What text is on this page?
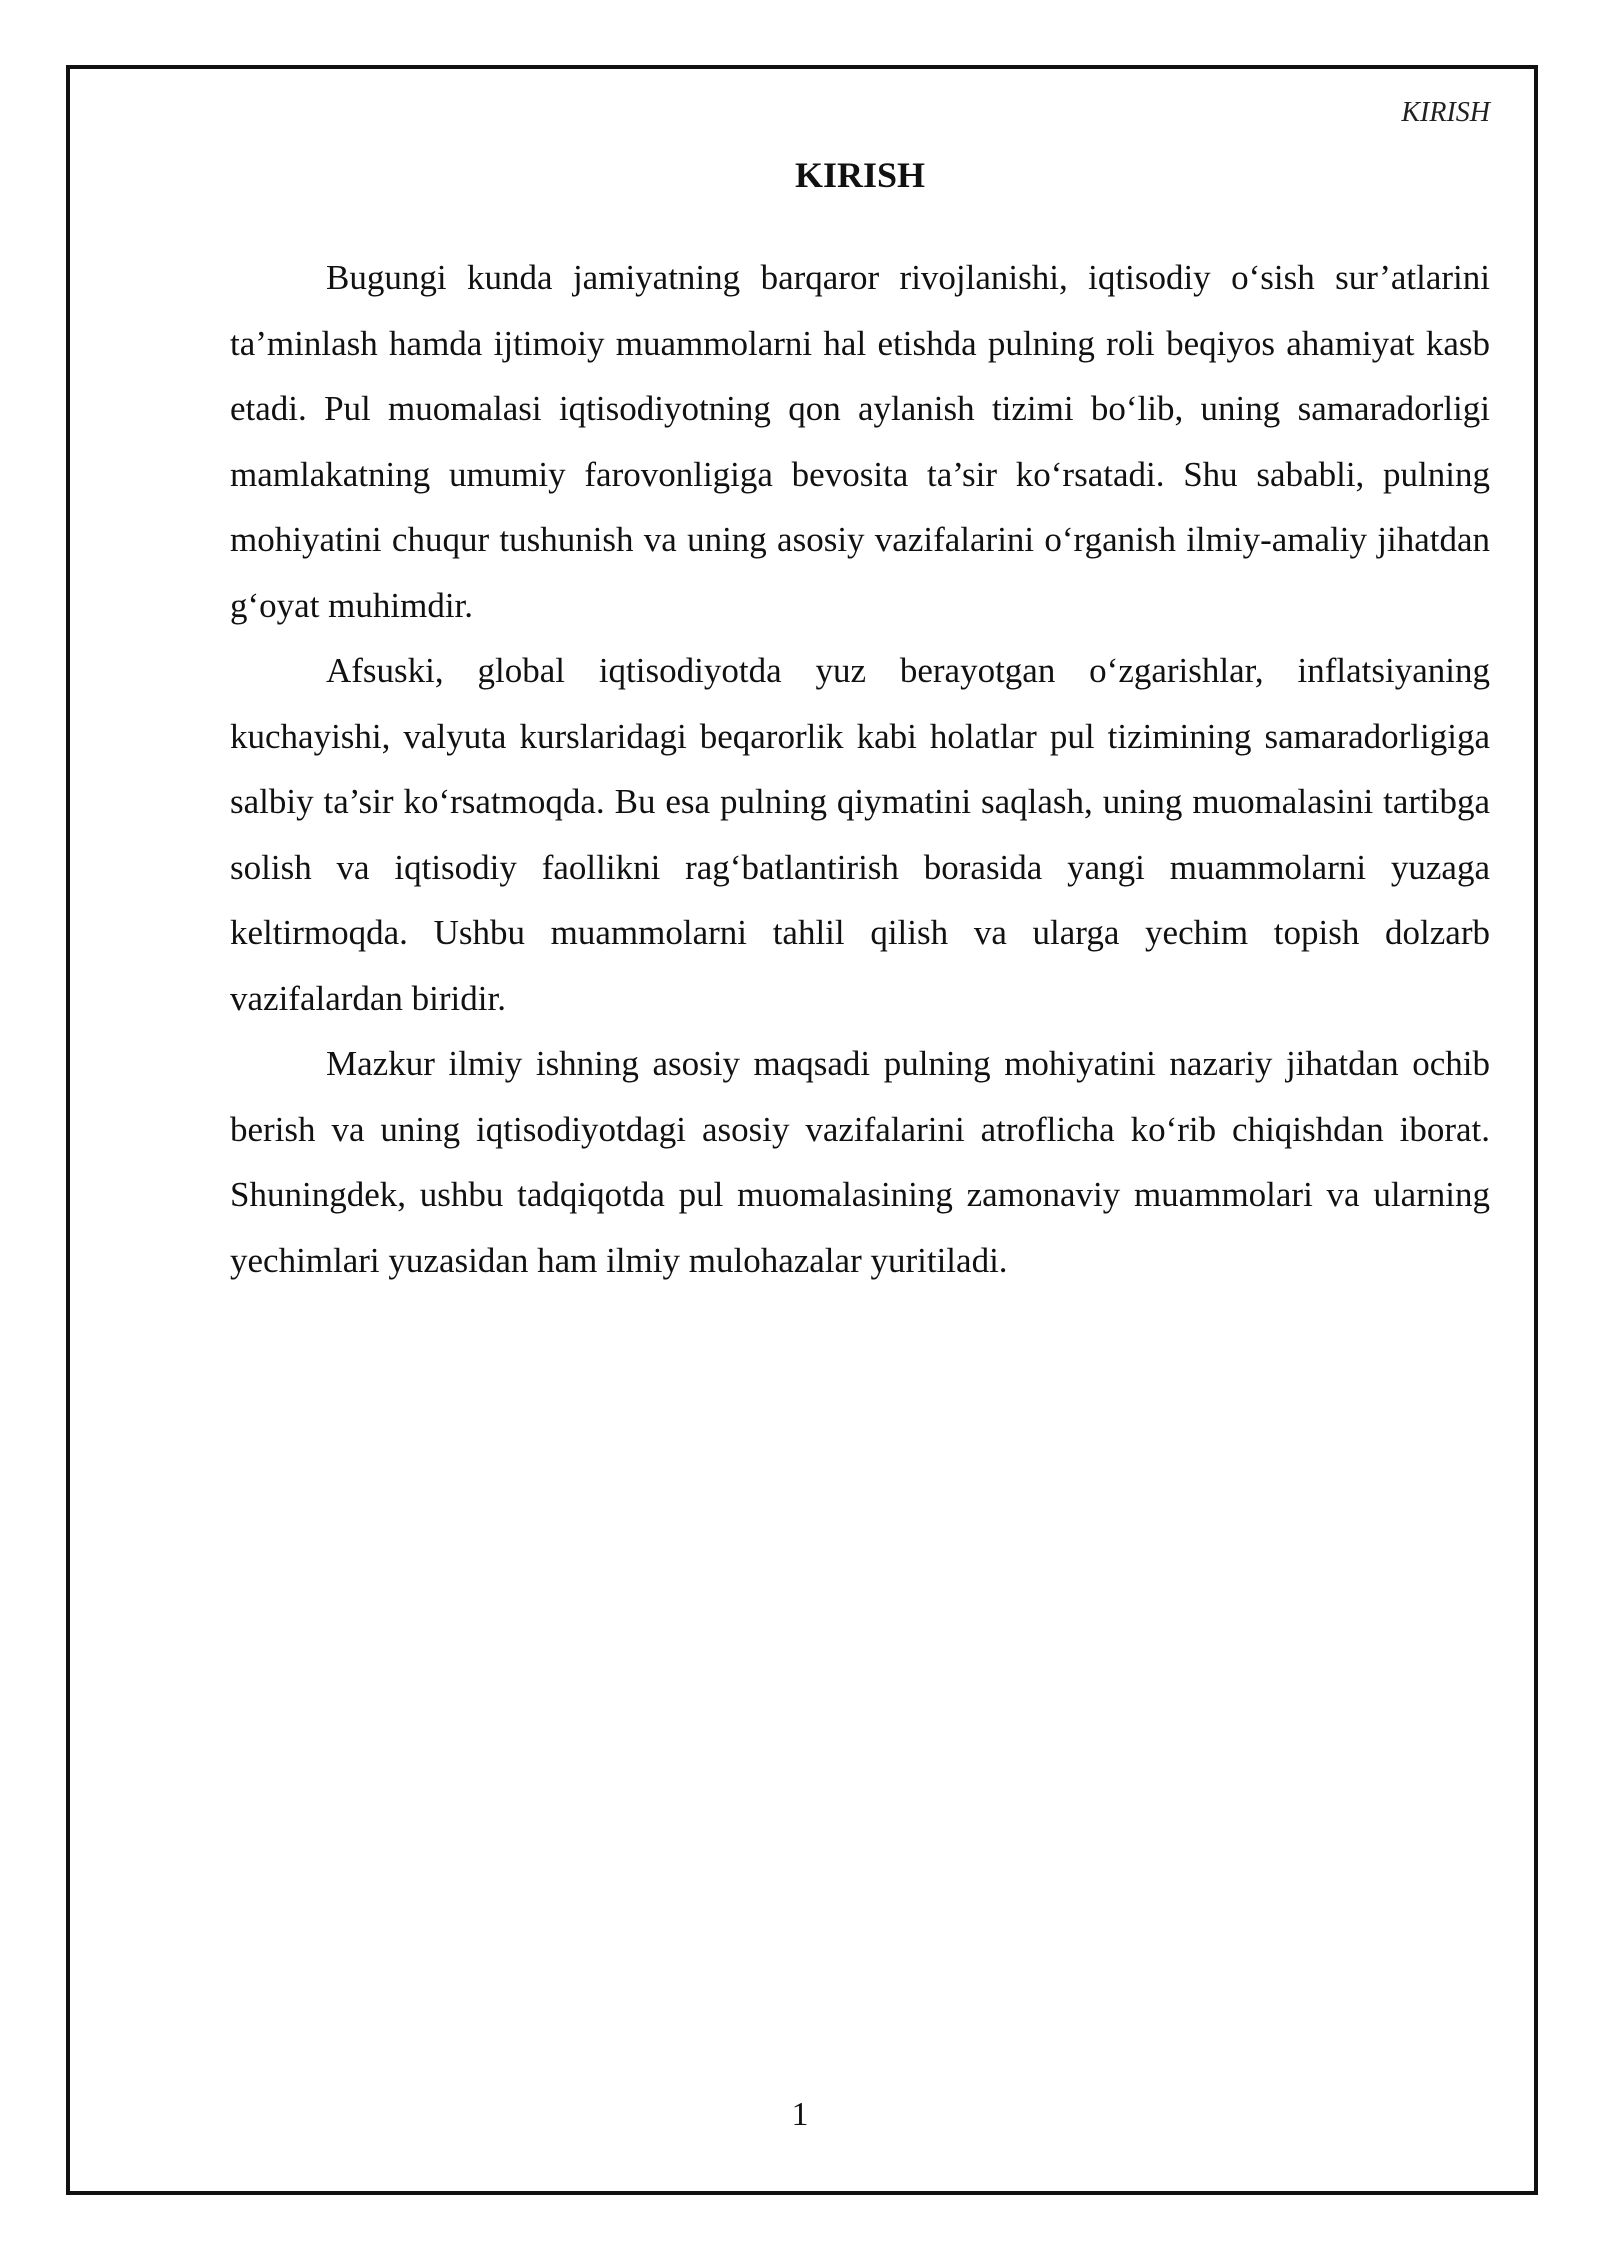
KIRISH
KIRISH

Bugungi kunda jamiyatning barqaror rivojlanishi, iqtisodiy o‘sish sur’atlarini ta’minlash hamda ijtimoiy muammolarni hal etishda pulning roli beqiyos ahamiyat kasb etadi. Pul muomalasi iqtisodiyotning qon aylanish tizimi bo‘lib, uning samaradorligi mamlakatning umumiy farovonligiga bevosita ta’sir ko‘rsatadi. Shu sababli, pulning mohiyatini chuqur tushunish va uning asosiy vazifalarini o‘rganish ilmiy-amaliy jihatdan g‘oyat muhimdir.

Afsuski, global iqtisodiyotda yuz berayotgan o‘zgarishlar, inflatsiyaning kuchayishi, valyuta kurslaridagi beqarorlik kabi holatlar pul tizimining samaradorligiga salbiy ta’sir ko‘rsatmoqda. Bu esa pulning qiymatini saqlash, uning muomalasini tartibga solish va iqtisodiy faollikni rag‘batlantirish borasida yangi muammolarni yuzaga keltirmoqda. Ushbu muammolarni tahlil qilish va ularga yechim topish dolzarb vazifalardan biridir.

Mazkur ilmiy ishning asosiy maqsadi pulning mohiyatini nazariy jihatdan ochib berish va uning iqtisodiyotdagi asosiy vazifalarini atroflicha ko‘rib chiqishdan iborat. Shuningdek, ushbu tadqiqotda pul muomalasining zamonaviy muammolari va ularning yechimlari yuzasidan ham ilmiy mulohazalar yuritiladi.

1
